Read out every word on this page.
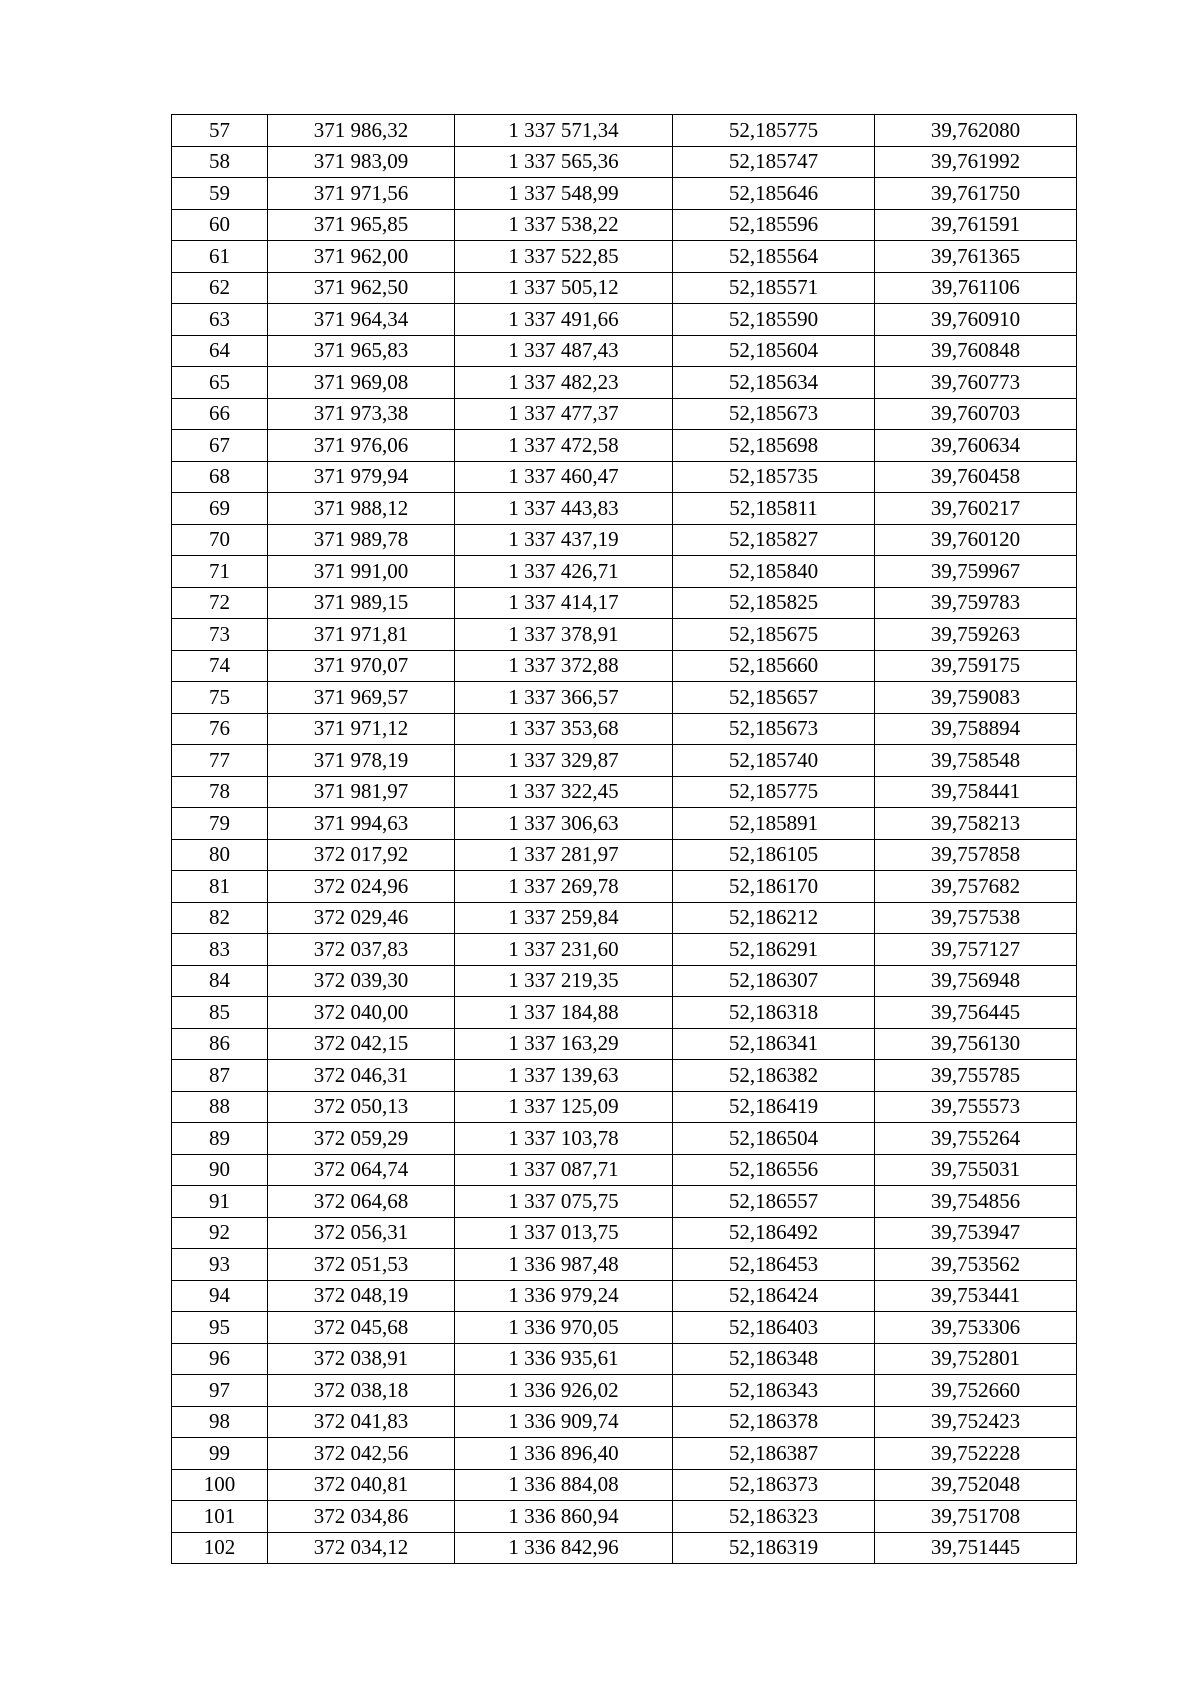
57	371 986,32	1 337 571,34	52,185775	39,762080
58	371 983,09	1 337 565,36	52,185747	39,761992
59	371 971,56	1 337 548,99	52,185646	39,761750
60	371 965,85	1 337 538,22	52,185596	39,761591
61	371 962,00	1 337 522,85	52,185564	39,761365
62	371 962,50	1 337 505,12	52,185571	39,761106
63	371 964,34	1 337 491,66	52,185590	39,760910
64	371 965,83	1 337 487,43	52,185604	39,760848
65	371 969,08	1 337 482,23	52,185634	39,760773
66	371 973,38	1 337 477,37	52,185673	39,760703
67	371 976,06	1 337 472,58	52,185698	39,760634
68	371 979,94	1 337 460,47	52,185735	39,760458
69	371 988,12	1 337 443,83	52,185811	39,760217
70	371 989,78	1 337 437,19	52,185827	39,760120
71	371 991,00	1 337 426,71	52,185840	39,759967
72	371 989,15	1 337 414,17	52,185825	39,759783
73	371 971,81	1 337 378,91	52,185675	39,759263
74	371 970,07	1 337 372,88	52,185660	39,759175
75	371 969,57	1 337 366,57	52,185657	39,759083
76	371 971,12	1 337 353,68	52,185673	39,758894
77	371 978,19	1 337 329,87	52,185740	39,758548
78	371 981,97	1 337 322,45	52,185775	39,758441
79	371 994,63	1 337 306,63	52,185891	39,758213
80	372 017,92	1 337 281,97	52,186105	39,757858
81	372 024,96	1 337 269,78	52,186170	39,757682
82	372 029,46	1 337 259,84	52,186212	39,757538
83	372 037,83	1 337 231,60	52,186291	39,757127
84	372 039,30	1 337 219,35	52,186307	39,756948
85	372 040,00	1 337 184,88	52,186318	39,756445
86	372 042,15	1 337 163,29	52,186341	39,756130
87	372 046,31	1 337 139,63	52,186382	39,755785
88	372 050,13	1 337 125,09	52,186419	39,755573
89	372 059,29	1 337 103,78	52,186504	39,755264
90	372 064,74	1 337 087,71	52,186556	39,755031
91	372 064,68	1 337 075,75	52,186557	39,754856
92	372 056,31	1 337 013,75	52,186492	39,753947
93	372 051,53	1 336 987,48	52,186453	39,753562
94	372 048,19	1 336 979,24	52,186424	39,753441
95	372 045,68	1 336 970,05	52,186403	39,753306
96	372 038,91	1 336 935,61	52,186348	39,752801
97	372 038,18	1 336 926,02	52,186343	39,752660
98	372 041,83	1 336 909,74	52,186378	39,752423
99	372 042,56	1 336 896,40	52,186387	39,752228
100	372 040,81	1 336 884,08	52,186373	39,752048
101	372 034,86	1 336 860,94	52,186323	39,751708
102	372 034,12	1 336 842,96	52,186319	39,751445
